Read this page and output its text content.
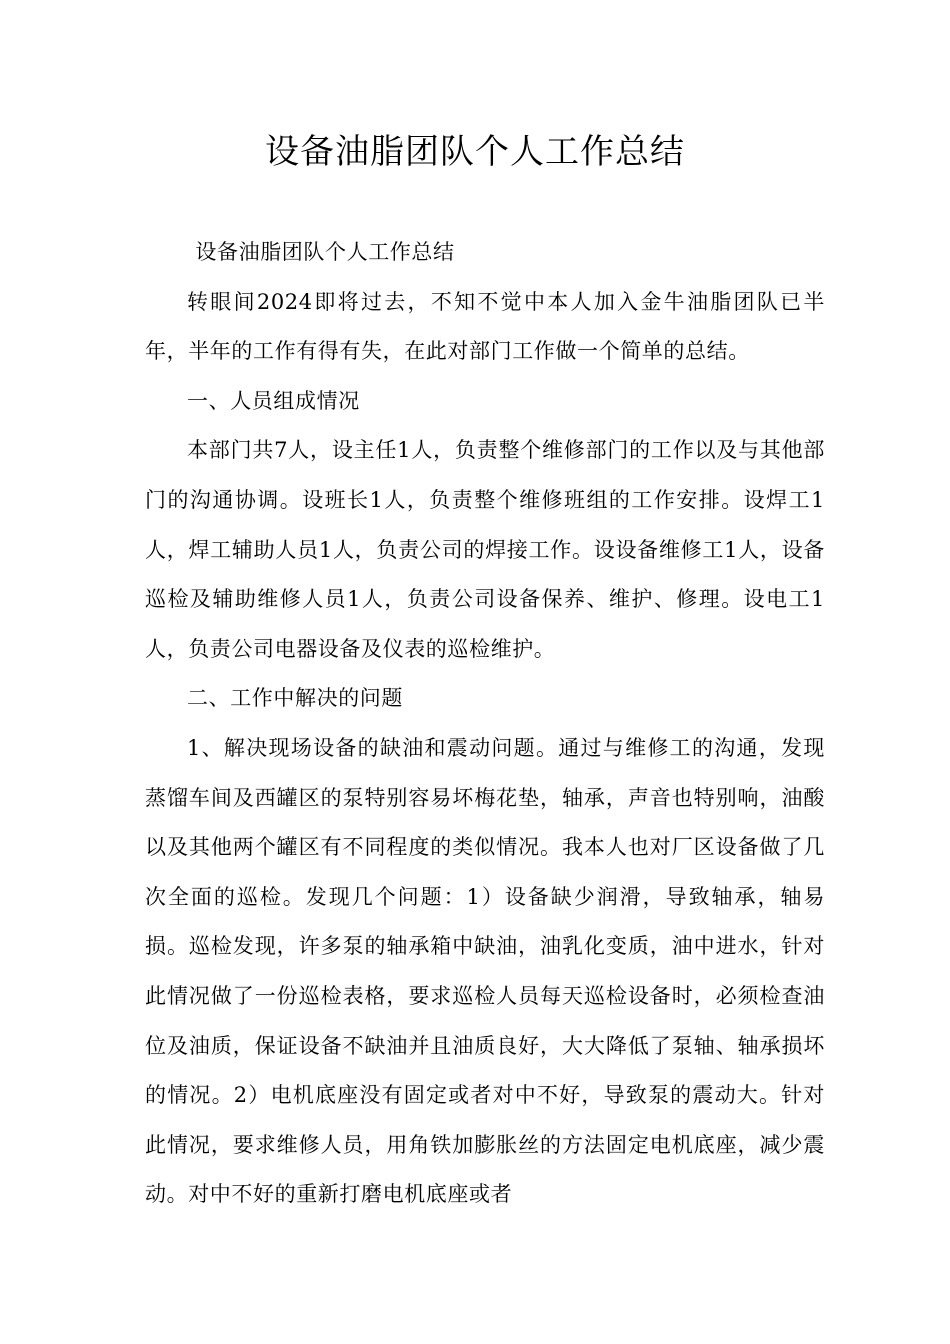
设备油脂团队个人工作总结

设备油脂团队个人工作总结

转眼间2024即将过去，不知不觉中本人加入金牛油脂团队已半年，半年的工作有得有失，在此对部门工作做一个简单的总结。

一、人员组成情况

本部门共7人，设主任1人，负责整个维修部门的工作以及与其他部门的沟通协调。设班长1人，负责整个维修班组的工作安排。设焊工1人，焊工辅助人员1人，负责公司的焊接工作。设设备维修工1人，设备巡检及辅助维修人员1人，负责公司设备保养、维护、修理。设电工1人，负责公司电器设备及仪表的巡检维护。

二、工作中解决的问题

1、解决现场设备的缺油和震动问题。通过与维修工的沟通，发现蒸馏车间及西罐区的泵特别容易坏梅花垫，轴承，声音也特别响，油酸以及其他两个罐区有不同程度的类似情况。我本人也对厂区设备做了几次全面的巡检。发现几个问题：1）设备缺少润滑，导致轴承，轴易损。巡检发现，许多泵的轴承箱中缺油，油乳化变质，油中进水，针对此情况做了一份巡检表格，要求巡检人员每天巡检设备时，必须检查油位及油质，保证设备不缺油并且油质良好，大大降低了泵轴、轴承损坏的情况。2）电机底座没有固定或者对中不好，导致泵的震动大。针对此情况，要求维修人员，用角铁加膨胀丝的方法固定电机底座，减少震动。对中不好的重新打磨电机底座或者
